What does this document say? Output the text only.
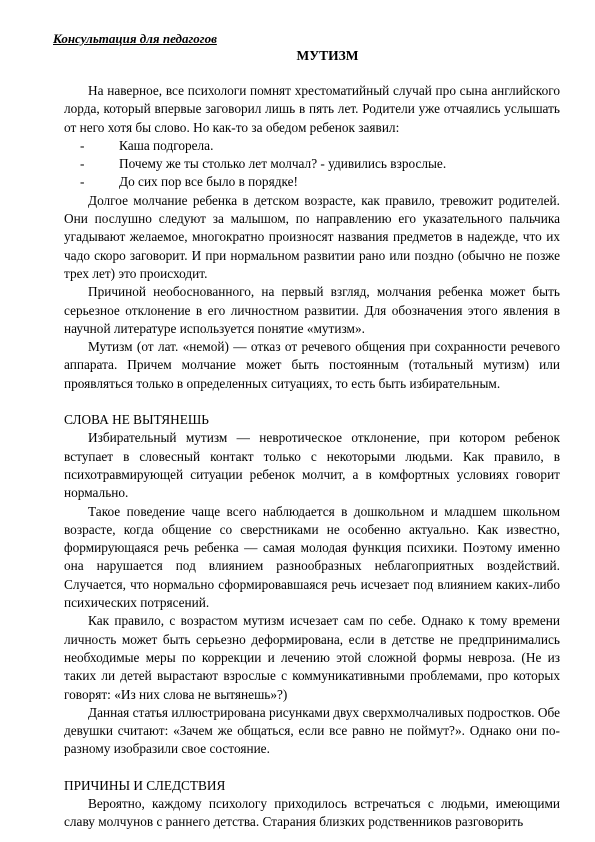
Консультация для педагогов
МУТИЗМ

На наверное, все психологи помнят хрестоматийный случай про сына английского лорда, который впервые заговорил лишь в пять лет. Родители уже отчаялись услышать от него хотя бы слово. Но как-то за обедом ребенок заявил:

-	Каша подгорела.

-	Почему же ты столько лет молчал? - удивились взрослые.

-	До сих пор все было в порядке!

Долгое молчание ребенка в детском возрасте, как правило, тревожит родителей. Они послушно следуют за малышом, по направлению его указательного пальчика угадывают желаемое, многократно произносят названия предметов в надежде, что их чадо скоро заговорит. И при нормальном развитии рано или поздно (обычно не позже трех лет) это происходит.

Причиной необоснованного, на первый взгляд, молчания ребенка может быть серьезное отклонение в его личностном развитии. Для обозначения этого явления в научной литературе используется понятие «мутизм».

Мутизм (от лат. «немой) — отказ от речевого общения при сохранности речевого аппарата. Причем молчание может быть постоянным (тотальный мутизм) или проявляться только в определенных ситуациях, то есть быть избирательным.

СЛОВА НЕ ВЫТЯНЕШЬ

Избирательный мутизм — невротическое отклонение, при котором ребенок вступает в словесный контакт только с некоторыми людьми. Как правило, в психотравмирующей ситуации ребенок молчит, а в комфортных условиях говорит нормально.

Такое поведение чаще всего наблюдается в дошкольном и младшем школьном возрасте, когда общение со сверстниками не особенно актуально. Как известно, формирующаяся речь ребенка — самая молодая функция психики. Поэтому именно она нарушается под влиянием разнообразных неблагоприятных воздействий. Случается, что нормально сформировавшаяся речь исчезает под влиянием каких-либо психических потрясений.

Как правило, с возрастом мутизм исчезает сам по себе. Однако к тому времени личность может быть серьезно деформирована, если в детстве не предпринимались необходимые меры по коррекции и лечению этой сложной формы невроза. (Не из таких ли детей вырастают взрослые с коммуникативными проблемами, про которых говорят: «Из них слова не вытянешь»?)

Данная статья иллюстрирована рисунками двух сверхмолчаливых подростков. Обе девушки считают: «Зачем же общаться, если все равно не поймут?». Однако они по-разному изобразили свое состояние.

ПРИЧИНЫ И СЛЕДСТВИЯ

Вероятно, каждому психологу приходилось встречаться с людьми, имеющими славу молчунов с раннего детства. Старания близких родственников разговорить
